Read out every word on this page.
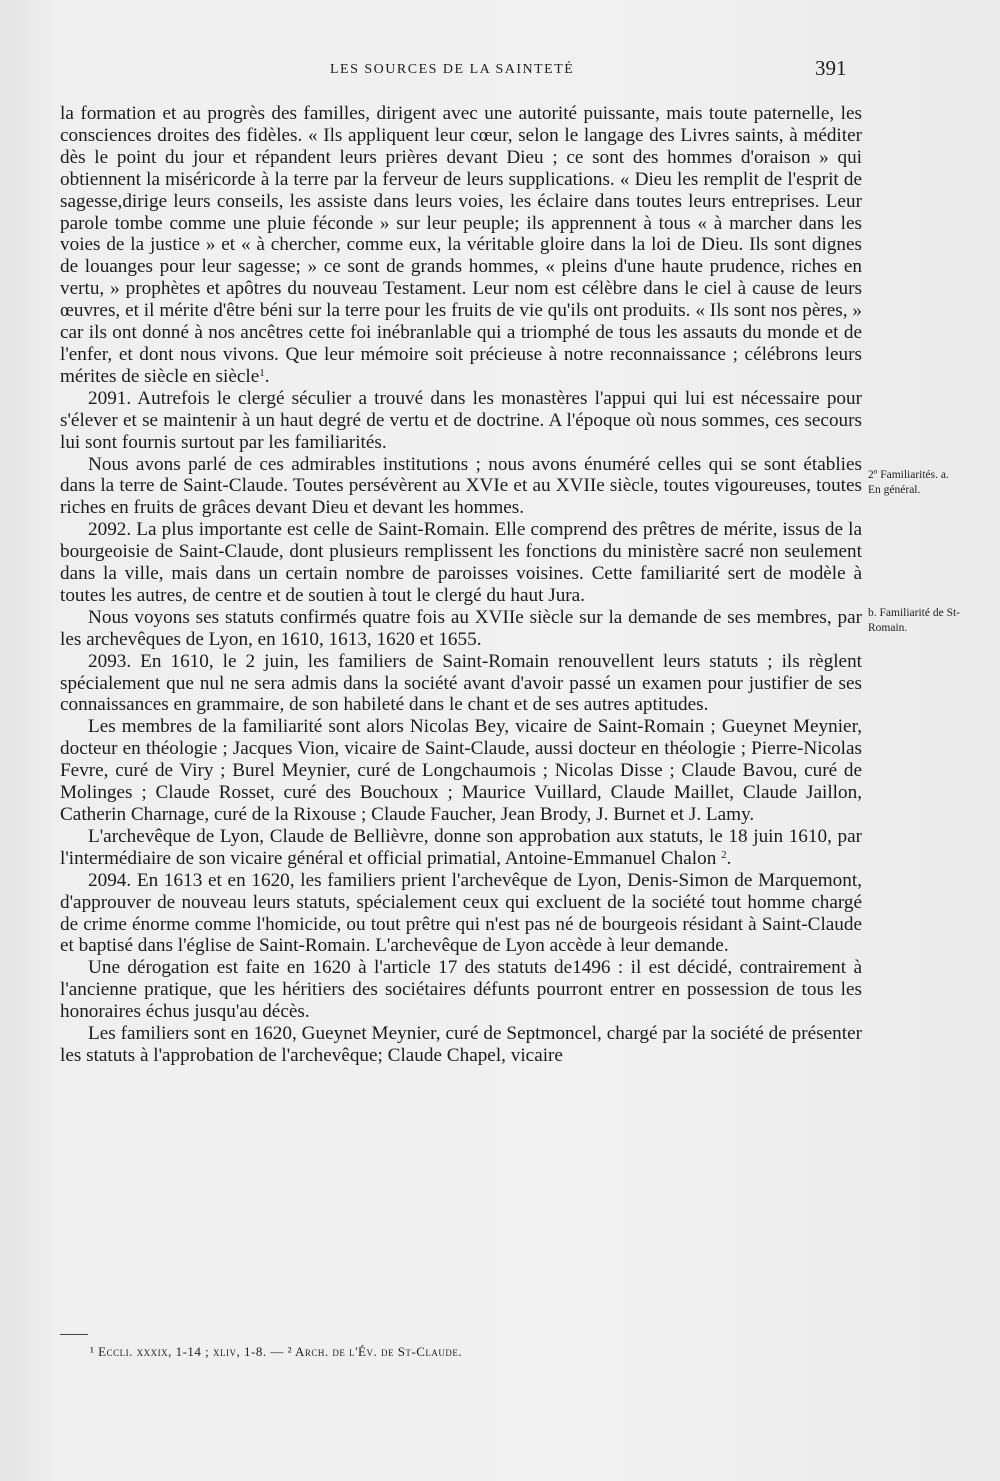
LES SOURCES DE LA SAINTETÉ	391

la formation et au progrès des familles, dirigent avec une autorité puissante, mais toute paternelle, les consciences droites des fidèles. « Ils appliquent leur cœur, selon le langage des Livres saints, à méditer dès le point du jour et répandent leurs prières devant Dieu ; ce sont des hommes d'oraison » qui obtiennent la miséricorde à la terre par la ferveur de leurs supplications. « Dieu les remplit de l'esprit de sagesse,dirige leurs conseils, les assiste dans leurs voies, les éclaire dans toutes leurs entreprises. Leur parole tombe comme une pluie féconde » sur leur peuple; ils apprennent à tous « à marcher dans les voies de la justice » et « à chercher, comme eux, la véritable gloire dans la loi de Dieu. Ils sont dignes de louanges pour leur sagesse; » ce sont de grands hommes, « pleins d'une haute prudence, riches en vertu, » prophètes et apôtres du nouveau Testament. Leur nom est célèbre dans le ciel à cause de leurs œuvres, et il mérite d'être béni sur la terre pour les fruits de vie qu'ils ont produits. « Ils sont nos pères, » car ils ont donné à nos ancêtres cette foi inébranlable qui a triomphé de tous les assauts du monde et de l'enfer, et dont nous vivons. Que leur mémoire soit précieuse à notre reconnaissance ; célébrons leurs mérites de siècle en siècle$^1$.

2091. Autrefois le clergé séculier a trouvé dans les monastères l'appui qui lui est nécessaire pour s'élever et se maintenir à un haut degré de vertu et de doctrine. A l'époque où nous sommes, ces secours lui sont fournis surtout par les familiarités.

Nous avons parlé de ces admirables institutions ; nous avons énuméré celles qui se sont établies dans la terre de Saint-Claude. Toutes persévèrent au XVIe et au XVIIe siècle, toutes vigoureuses, toutes riches en fruits de grâces devant Dieu et devant les hommes.

2092. La plus importante est celle de Saint-Romain. Elle comprend des prêtres de mérite, issus de la bourgeoisie de Saint-Claude, dont plusieurs remplissent les fonctions du ministère sacré non seulement dans la ville, mais dans un certain nombre de paroisses voisines. Cette familiarité sert de modèle à toutes les autres, de centre et de soutien à tout le clergé du haut Jura.

Nous voyons ses statuts confirmés quatre fois au XVIIe siècle sur la demande de ses membres, par les archevêques de Lyon, en 1610, 1613, 1620 et 1655.

2093. En 1610, le 2 juin, les familiers de Saint-Romain renouvellent leurs statuts ; ils règlent spécialement que nul ne sera admis dans la société avant d'avoir passé un examen pour justifier de ses connaissances en grammaire, de son habileté dans le chant et de ses autres aptitudes.

Les membres de la familiarité sont alors Nicolas Bey, vicaire de Saint-Romain ; Gueynet Meynier, docteur en théologie ; Jacques Vion, vicaire de Saint-Claude, aussi docteur en théologie ; Pierre-Nicolas Fevre, curé de Viry ; Burel Meynier, curé de Longchaumois ; Nicolas Disse ; Claude Bavou, curé de Molinges ; Claude Rosset, curé des Bouchoux ; Maurice Vuillard, Claude Maillet, Claude Jaillon, Catherin Charnage, curé de la Rixouse ; Claude Faucher, Jean Brody, J. Burnet et J. Lamy.

L'archevêque de Lyon, Claude de Bellièvre, donne son approbation aux statuts, le 18 juin 1610, par l'intermédiaire de son vicaire général et official primatial, Antoine-Emmanuel Chalon $^2$.

2094. En 1613 et en 1620, les familiers prient l'archevêque de Lyon, Denis-Simon de Marquemont, d'approuver de nouveau leurs statuts, spécialement ceux qui excluent de la société tout homme chargé de crime énorme comme l'homicide, ou tout prêtre qui n'est pas né de bourgeois résidant à Saint-Claude et baptisé dans l'église de Saint-Romain. L'archevêque de Lyon accède à leur demande.

Une dérogation est faite en 1620 à l'article 17 des statuts de1496 : il est décidé, contrairement à l'ancienne pratique, que les héritiers des sociétaires défunts pourront entrer en possession de tous les honoraires échus jusqu'au décès.

Les familiers sont en 1620, Gueynet Meynier, curé de Septmoncel, chargé par la société de présenter les statuts à l'approbation de l'archevêque; Claude Chapel, vicaire

2º Familiarités. a. En général.
b. Familiarité de St-Romain.
¹ Eccli. xxxix, 1-14 ; xliv, 1-8. — ² Arch. de l'Év. de St-Claude.
